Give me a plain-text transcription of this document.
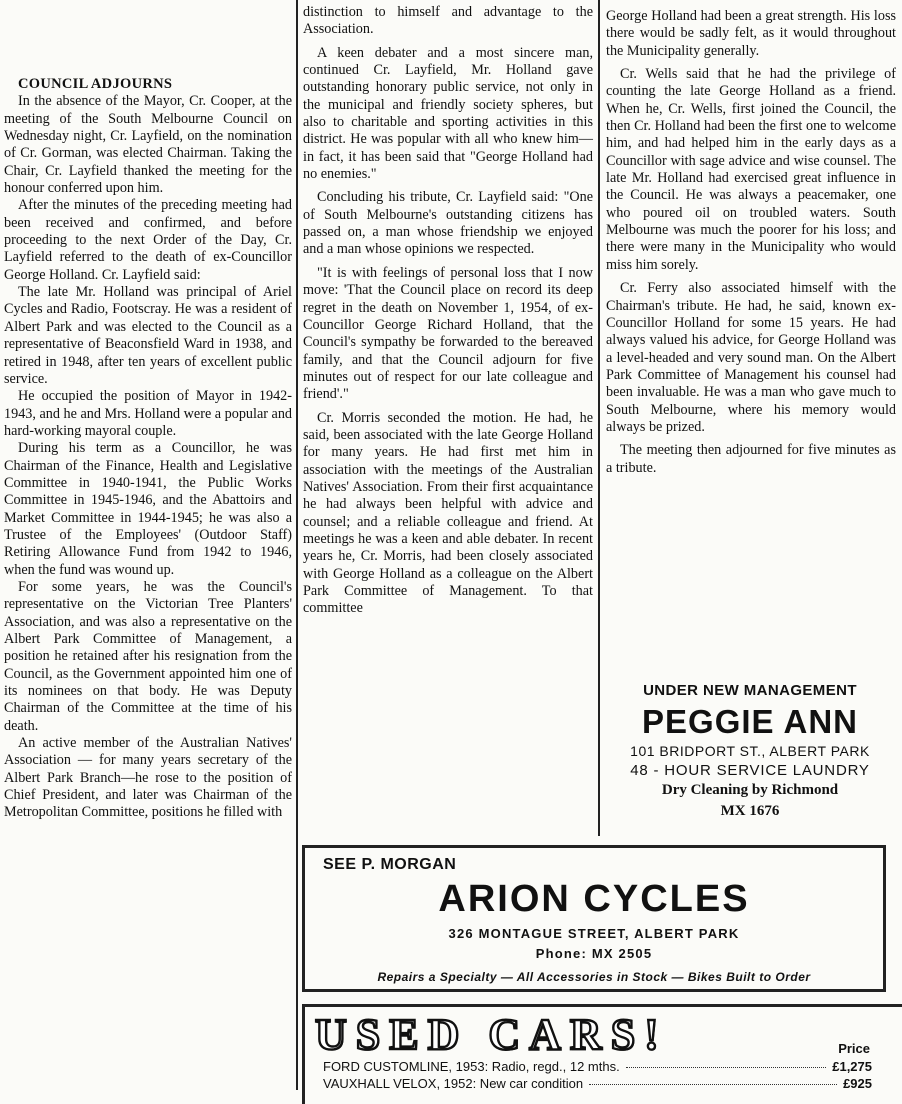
COUNCIL ADJOURNS

In the absence of the Mayor, Cr. Cooper, at the meeting of the South Melbourne Council on Wednesday night, Cr. Layfield, on the nomination of Cr. Gorman, was elected Chairman. Taking the Chair, Cr. Layfield thanked the meeting for the honour conferred upon him.

After the minutes of the preceding meeting had been received and confirmed, and before proceeding to the next Order of the Day, Cr. Layfield referred to the death of ex-Councillor George Holland. Cr. Layfield said:

The late Mr. Holland was principal of Ariel Cycles and Radio, Footscray. He was a resident of Albert Park and was elected to the Council as a representative of Beaconsfield Ward in 1938, and retired in 1948, after ten years of excellent public service.

He occupied the position of Mayor in 1942-1943, and he and Mrs. Holland were a popular and hard-working mayoral couple.

During his term as a Councillor, he was Chairman of the Finance, Health and Legislative Committee in 1940-1941, the Public Works Committee in 1945-1946, and the Abattoirs and Market Committee in 1944-1945; he was also a Trustee of the Employees' (Outdoor Staff) Retiring Allowance Fund from 1942 to 1946, when the fund was wound up.

For some years, he was the Council's representative on the Victorian Tree Planters' Association, and was also a representative on the Albert Park Committee of Management, a position he retained after his resignation from the Council, as the Government appointed him one of its nominees on that body. He was Deputy Chairman of the Committee at the time of his death.

An active member of the Australian Natives' Association — for many years secretary of the Albert Park Branch—he rose to the position of Chief President, and later was Chairman of the Metropolitan Committee, positions he filled with

distinction to himself and advantage to the Association.

A keen debater and a most sincere man, continued Cr. Layfield, Mr. Holland gave outstanding honorary public service, not only in the municipal and friendly society spheres, but also to charitable and sporting activities in this district. He was popular with all who knew him—in fact, it has been said that "George Holland had no enemies."

Concluding his tribute, Cr. Layfield said: "One of South Melbourne's outstanding citizens has passed on, a man whose friendship we enjoyed and a man whose opinions we respected.

"It is with feelings of personal loss that I now move: 'That the Council place on record its deep regret in the death on November 1, 1954, of ex-Councillor George Richard Holland, that the Council's sympathy be forwarded to the bereaved family, and that the Council adjourn for five minutes out of respect for our late colleague and friend'."

Cr. Morris seconded the motion. He had, he said, been associated with the late George Holland for many years. He had first met him in association with the meetings of the Australian Natives' Association. From their first acquaintance he had always been helpful with advice and counsel; and a reliable colleague and friend. At meetings he was a keen and able debater. In recent years he, Cr. Morris, had been closely associated with George Holland as a colleague on the Albert Park Committee of Management. To that committee

George Holland had been a great strength. His loss there would be sadly felt, as it would throughout the Municipality generally.

Cr. Wells said that he had the privilege of counting the late George Holland as a friend. When he, Cr. Wells, first joined the Council, the then Cr. Holland had been the first one to welcome him, and had helped him in the early days as a Councillor with sage advice and wise counsel. The late Mr. Holland had exercised great influence in the Council. He was always a peacemaker, one who poured oil on troubled waters. South Melbourne was much the poorer for his loss; and there were many in the Municipality who would miss him sorely.

Cr. Ferry also associated himself with the Chairman's tribute. He had, he said, known ex-Councillor Holland for some 15 years. He had always valued his advice, for George Holland was a level-headed and very sound man. On the Albert Park Committee of Management his counsel had been invaluable. He was a man who gave much to South Melbourne, where his memory would always be prized.

The meeting then adjourned for five minutes as a tribute.

UNDER NEW MANAGEMENT
PEGGIE ANN
101 BRIDPORT ST., ALBERT PARK
48 - HOUR SERVICE LAUNDRY
Dry Cleaning by Richmond
MX 1676
SEE P. MORGAN
ARION CYCLES
326 MONTAGUE STREET, ALBERT PARK
Phone: MX 2505
Repairs a Specialty — All Accessories in Stock — Bikes Built to Order
USED CARS!	Price
FORD CUSTOMLINE, 1953: Radio, regd., 12 mths.	£1,275
VAUXHALL VELOX, 1952: New car condition	£925
